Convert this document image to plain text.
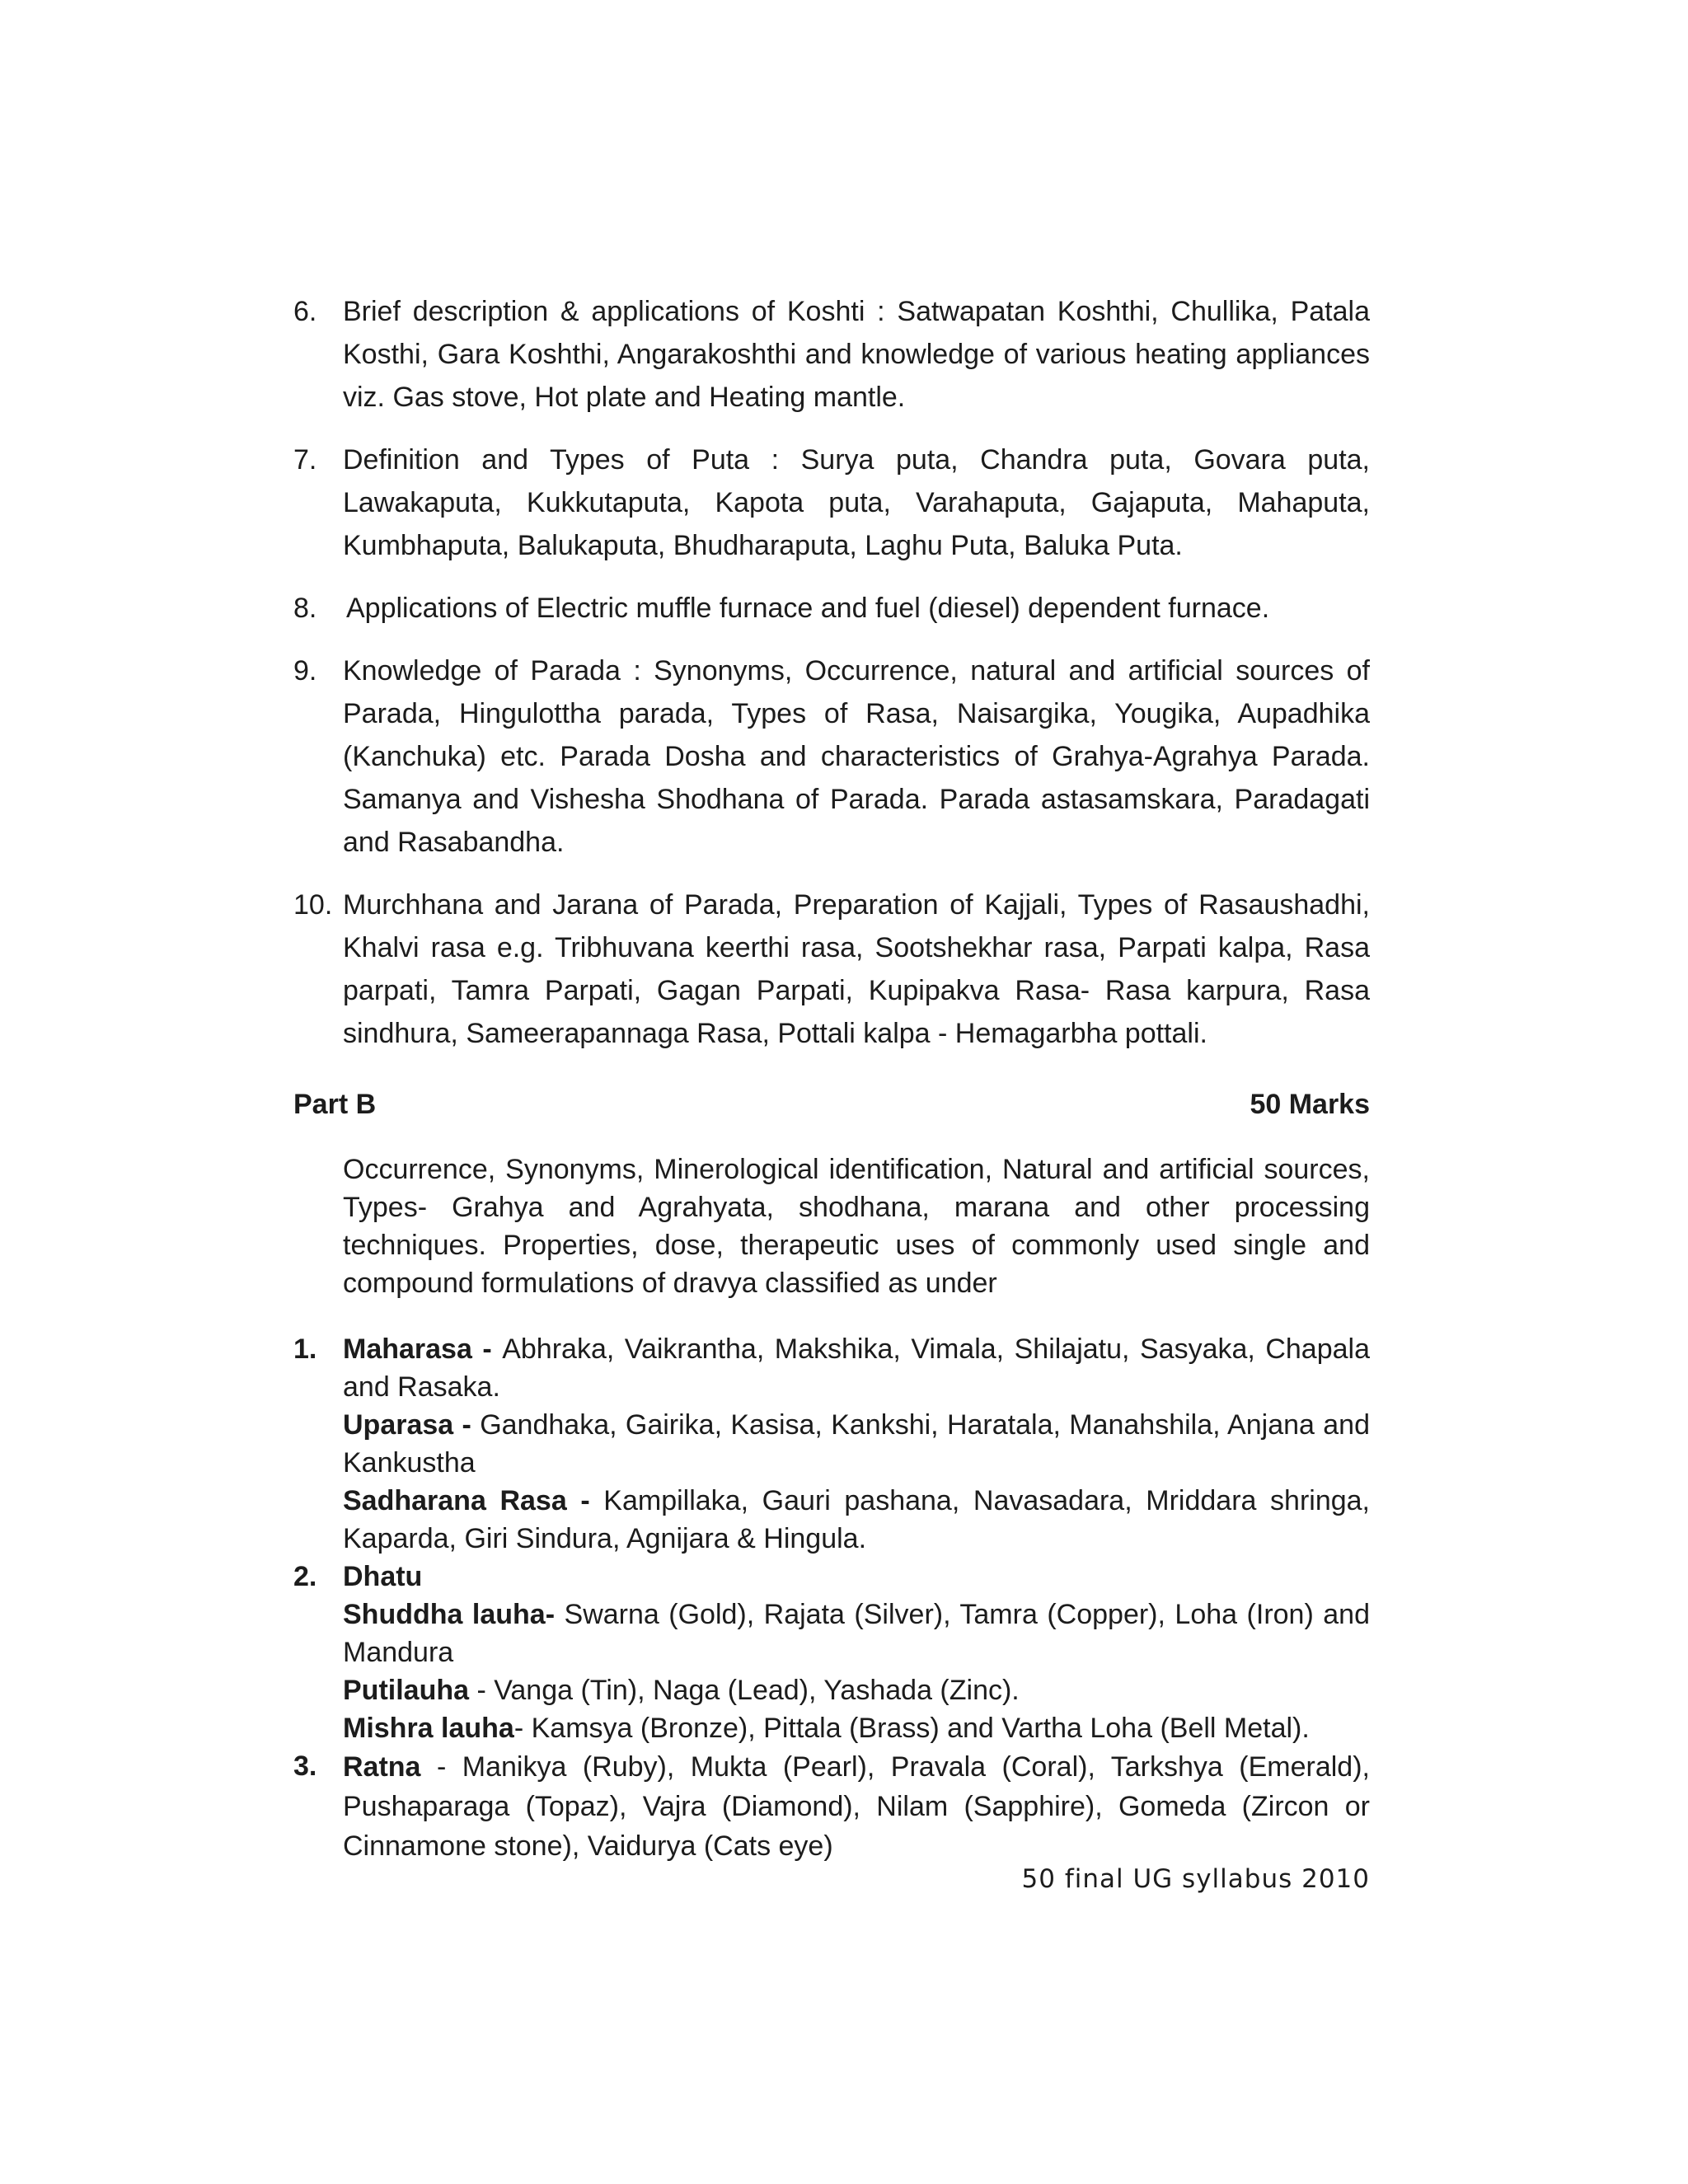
6. Brief description & applications of Koshti : Satwapatan Koshthi, Chullika, Patala Kosthi, Gara Koshthi, Angarakoshthi and knowledge of various heating appliances viz. Gas stove, Hot plate and Heating mantle.
7. Definition and Types of Puta : Surya puta, Chandra puta, Govara puta, Lawakaputa, Kukkutaputa, Kapota puta, Varahaputa, Gajaputa, Mahaputa, Kumbhaputa, Balukaputa, Bhudharaputa, Laghu Puta, Baluka Puta.
8.	Applications of Electric muffle furnace and fuel (diesel) dependent furnace.
9. Knowledge of Parada : Synonyms, Occurrence, natural and artificial sources of Parada, Hingulottha parada, Types of Rasa, Naisargika, Yougika, Aupadhika (Kanchuka) etc. Parada Dosha and characteristics of Grahya-Agrahya Parada. Samanya and Vishesha Shodhana of Parada. Parada astasamskara, Paradagati and Rasabandha.
10. Murchhana and Jarana of Parada, Preparation of Kajjali, Types of Rasaushadhi, Khalvi rasa e.g. Tribhuvana keerthi rasa, Sootshekhar rasa, Parpati kalpa, Rasa parpati, Tamra Parpati, Gagan Parpati, Kupipakva Rasa- Rasa karpura, Rasa sindhura, Sameerapannaga Rasa, Pottali kalpa - Hemagarbha pottali.
Part B	50 Marks
Occurrence, Synonyms, Minerological identification, Natural and artificial sources, Types- Grahya and Agrahyata, shodhana, marana and other processing techniques. Properties, dose, therapeutic uses of commonly used single and compound formulations of dravya classified as under
1. Maharasa - Abhraka, Vaikrantha, Makshika, Vimala, Shilajatu, Sasyaka, Chapala and Rasaka.

Uparasa - Gandhaka, Gairika, Kasisa, Kankshi, Haratala, Manahshila, Anjana and Kankustha

Sadharana Rasa - Kampillaka, Gauri pashana, Navasadara, Mriddara shringa, Kaparda, Giri Sindura, Agnijara & Hingula.

2. Dhatu

Shuddha lauha- Swarna (Gold), Rajata (Silver), Tamra (Copper), Loha (Iron) and Mandura

Putilauha - Vanga (Tin), Naga (Lead), Yashada (Zinc).

Mishra lauha- Kamsya (Bronze), Pittala (Brass) and Vartha Loha (Bell Metal).

3. Ratna - Manikya (Ruby), Mukta (Pearl), Pravala (Coral), Tarkshya (Emerald), Pushaparaga (Topaz), Vajra (Diamond), Nilam (Sapphire), Gomeda (Zircon or Cinnamone stone), Vaidurya (Cats eye)

50 final UG syllabus 2010
